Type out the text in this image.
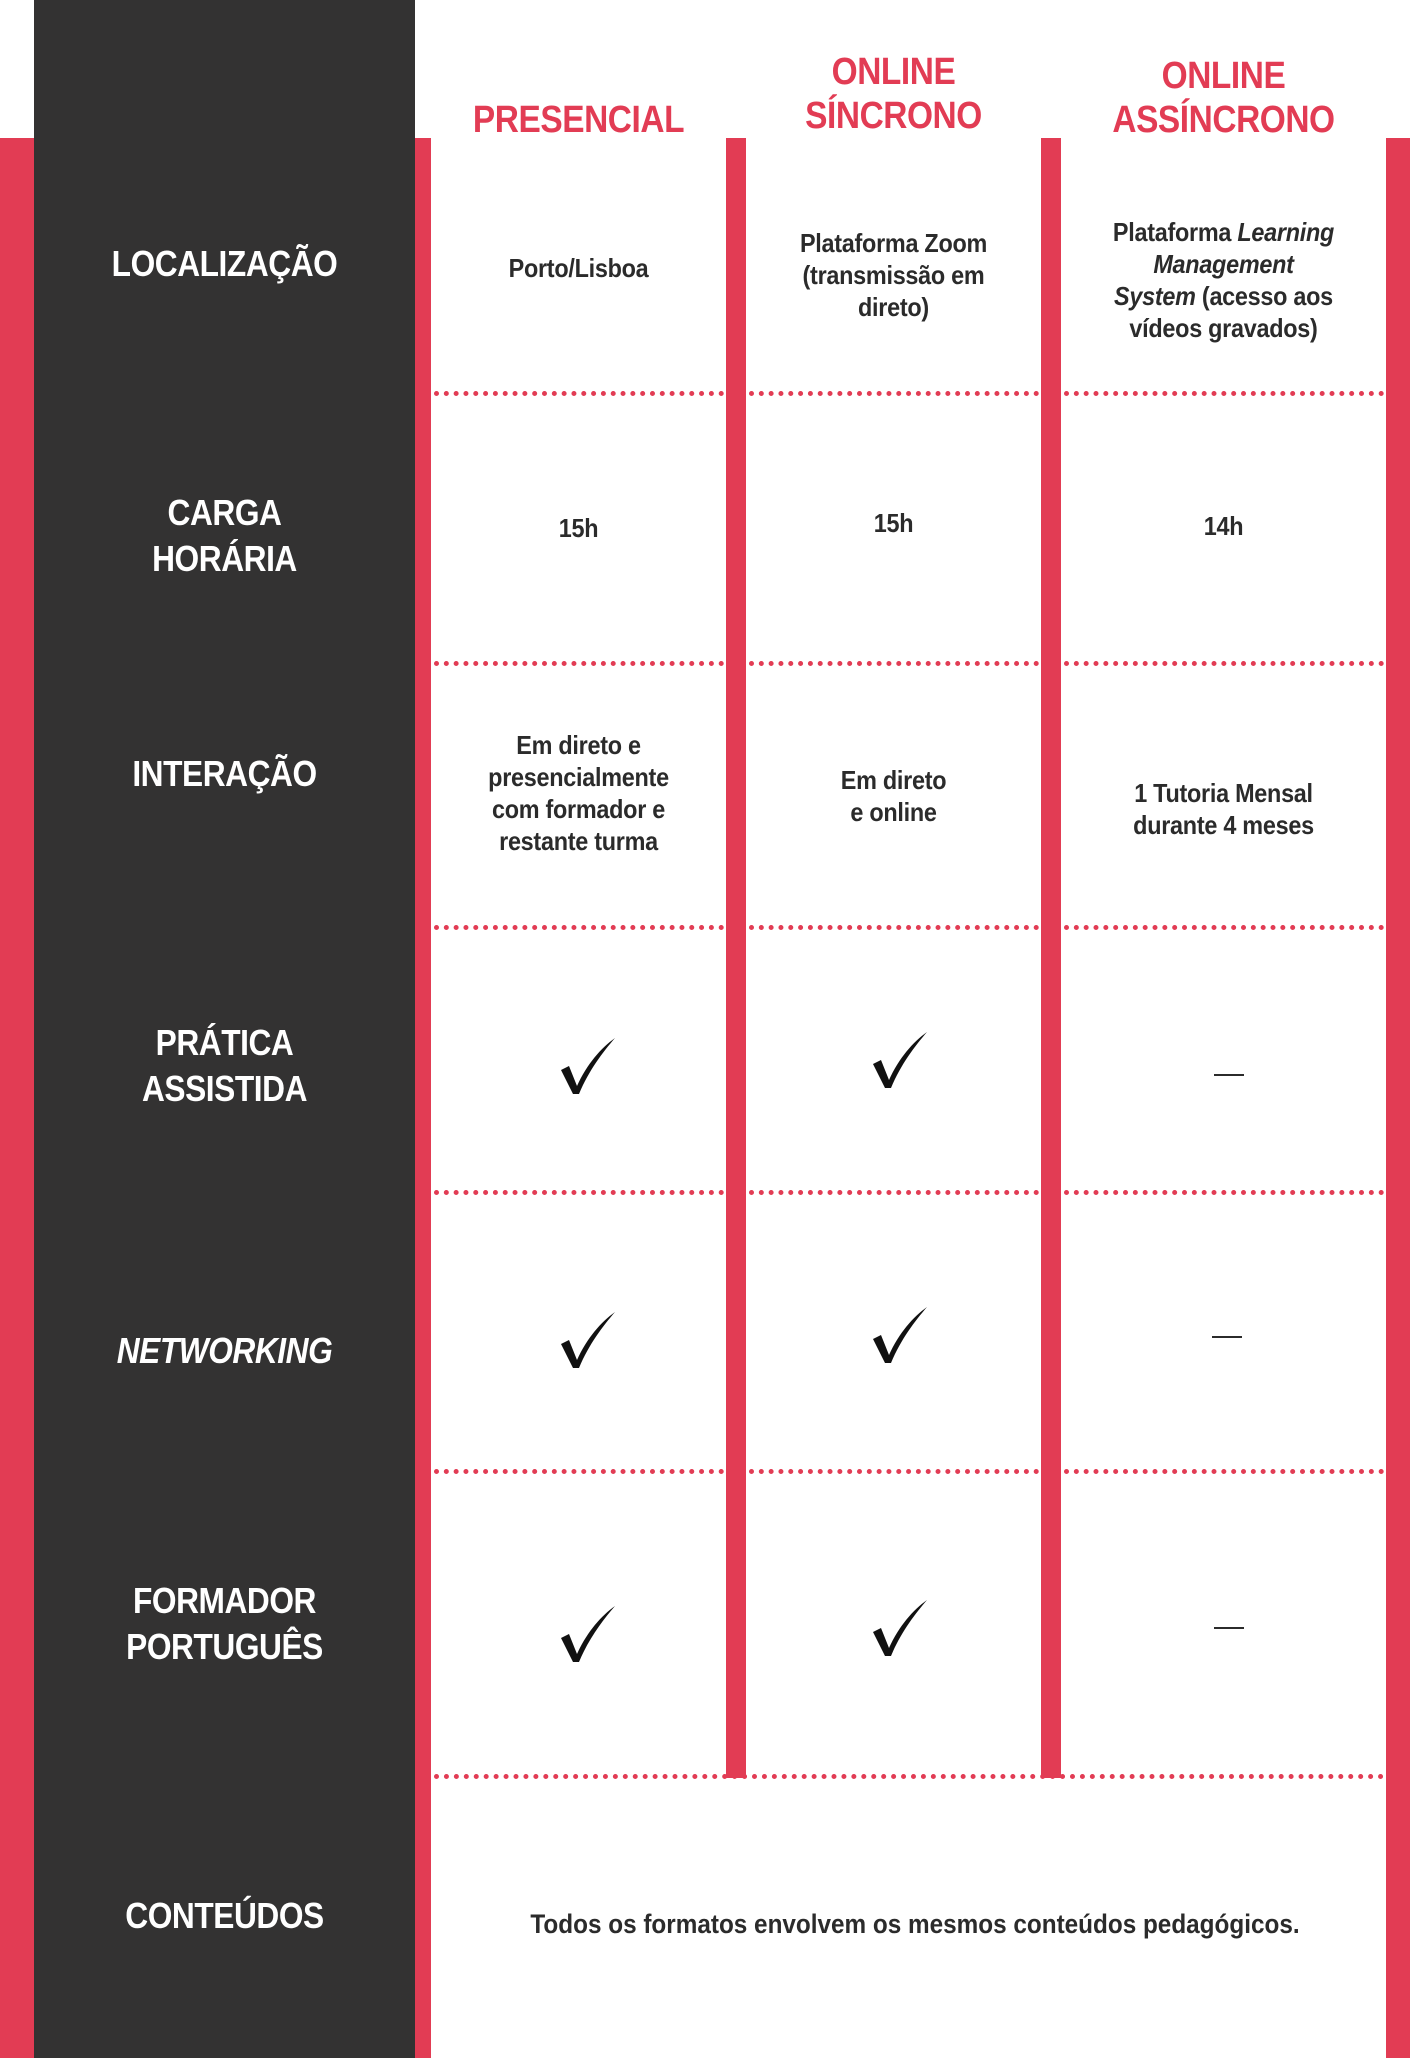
PRESENCIAL
ONLINE
SÍNCRONO
ONLINE
ASSÍNCRONO
LOCALIZAÇÃO
CARGA
HORÁRIA
INTERAÇÃO
PRÁTICA
ASSISTIDA
NETWORKING
FORMADOR
PORTUGUÊS
CONTEÚDOS
Porto/Lisboa
Plataforma Zoom
(transmissão em
direto)
Plataforma Learning
Management
System (acesso aos
vídeos gravados)
15h	15h	14h
Em direto e
presencialmente
com formador e
restante turma
Em direto
e online
1 Tutoria Mensal
durante 4 meses
Todos os formatos envolvem os mesmos conteúdos pedagógicos.
